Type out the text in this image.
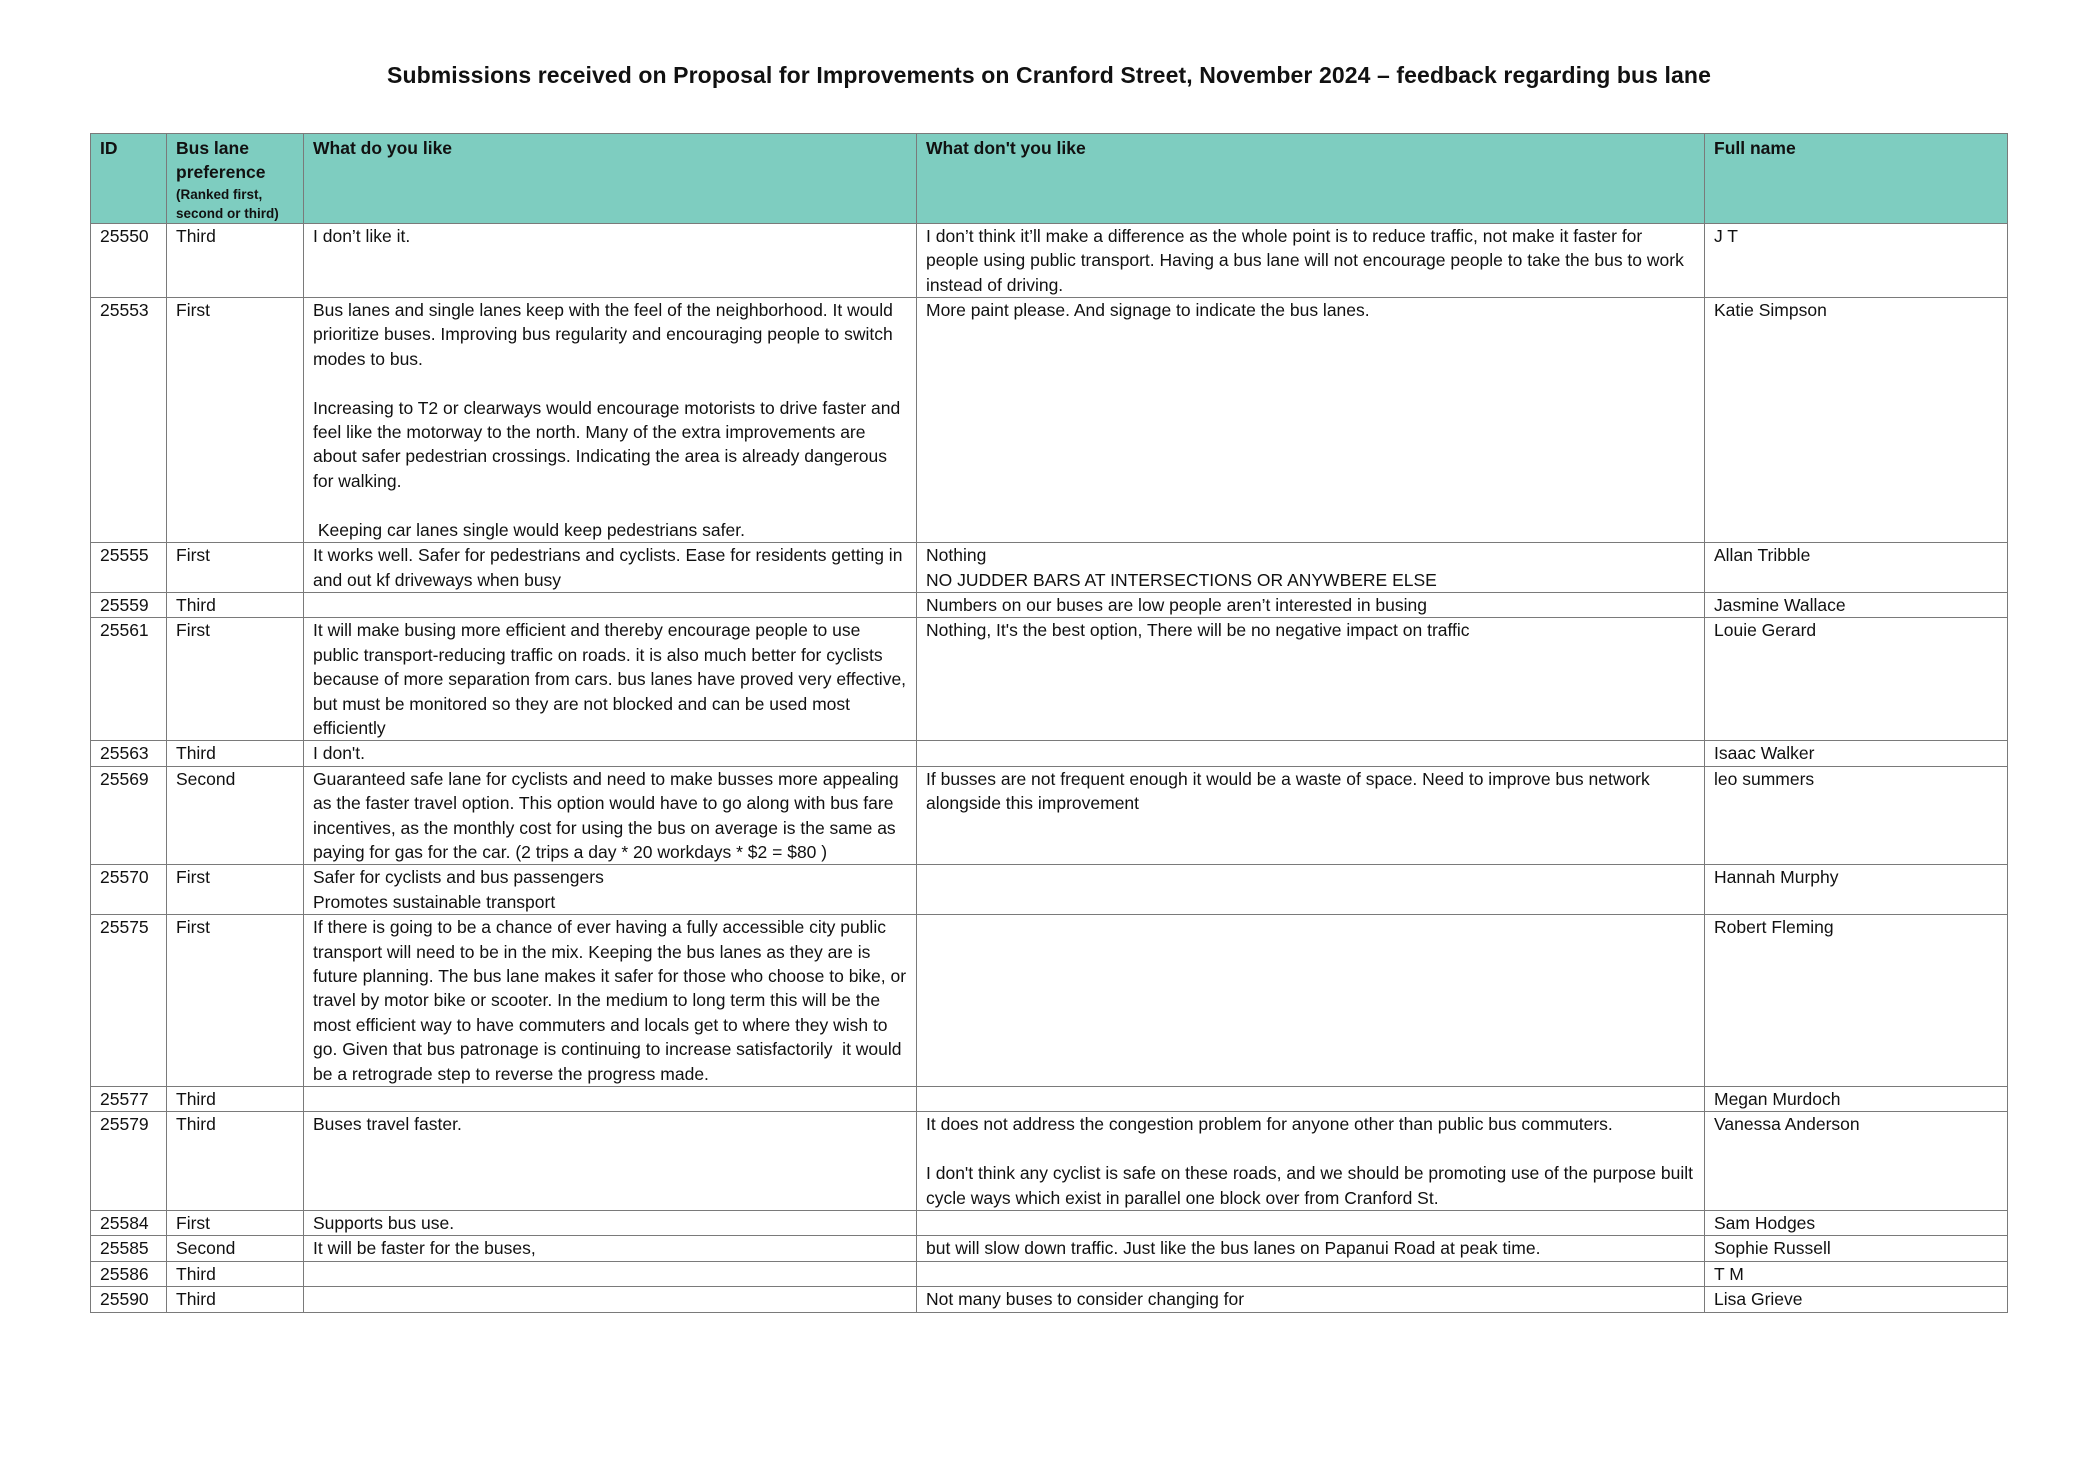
Submissions received on Proposal for Improvements on Cranford Street, November 2024 – feedback regarding bus lane
ID	Bus lane preference
(Ranked first, second or third)	What do you like	What don't you like	Full name
25550	Third	I don’t like it.	I don’t think it’ll make a difference as the whole point is to reduce traffic, not make it faster for people using public transport. Having a bus lane will not encourage people to take the bus to work instead of driving.	J T
25553	First	Bus lanes and single lanes keep with the feel of the neighborhood. It would prioritize buses. Improving bus regularity and encouraging people to switch modes to bus.

Increasing to T2 or clearways would encourage motorists to drive faster and feel like the motorway to the north. Many of the extra improvements are about safer pedestrian crossings. Indicating the area is already dangerous for walking.

Keeping car lanes single would keep pedestrians safer.	More paint please. And signage to indicate the bus lanes.	Katie Simpson
25555	First	It works well. Safer for pedestrians and cyclists. Ease for residents getting in and out kf driveways when busy	Nothing
NO JUDDER BARS AT INTERSECTIONS OR ANYWBERE ELSE	Allan Tribble
25559	Third		Numbers on our buses are low people aren’t interested in busing	Jasmine Wallace
25561	First	It will make busing more efficient and thereby encourage people to use public transport-reducing traffic on roads. it is also much better for cyclists because of more separation from cars. bus lanes have proved very effective, but must be monitored so they are not blocked and can be used most efficiently	Nothing, It's the best option, There will be no negative impact on traffic	Louie Gerard
25563	Third	I don't.		Isaac Walker
25569	Second	Guaranteed safe lane for cyclists and need to make busses more appealing as the faster travel option. This option would have to go along with bus fare incentives, as the monthly cost for using the bus on average is the same as paying for gas for the car. (2 trips a day * 20 workdays * $2 = $80 )	If busses are not frequent enough it would be a waste of space. Need to improve bus network alongside this improvement	leo summers
25570	First	Safer for cyclists and bus passengers
Promotes sustainable transport		Hannah Murphy
25575	First	If there is going to be a chance of ever having a fully accessible city public transport will need to be in the mix. Keeping the bus lanes as they are is future planning. The bus lane makes it safer for those who choose to bike, or travel by motor bike or scooter. In the medium to long term this will be the most efficient way to have commuters and locals get to where they wish to go. Given that bus patronage is continuing to increase satisfactorily  it would be a retrograde step to reverse the progress made.		Robert Fleming
25577	Third			Megan Murdoch
25579	Third	Buses travel faster.	It does not address the congestion problem for anyone other than public bus commuters.

I don't think any cyclist is safe on these roads, and we should be promoting use of the purpose built cycle ways which exist in parallel one block over from Cranford St.	Vanessa Anderson
25584	First	Supports bus use.		Sam Hodges
25585	Second	It will be faster for the buses,	but will slow down traffic. Just like the bus lanes on Papanui Road at peak time.	Sophie Russell
25586	Third			T M
25590	Third		Not many buses to consider changing for	Lisa Grieve
